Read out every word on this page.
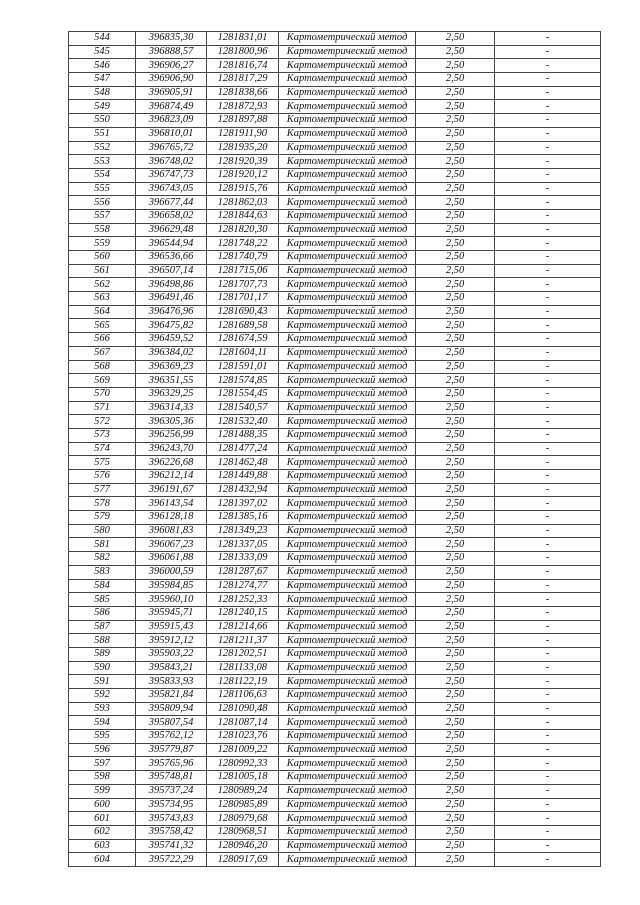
544	396835,30	1281831,01	Картометрический метод	2,50	-
545	396888,57	1281800,96	Картометрический метод	2,50	-
546	396906,27	1281816,74	Картометрический метод	2,50	-
547	396906,90	1281817,29	Картометрический метод	2,50	-
548	396905,91	1281838,66	Картометрический метод	2,50	-
549	396874,49	1281872,93	Картометрический метод	2,50	-
550	396823,09	1281897,88	Картометрический метод	2,50	-
551	396810,01	1281911,90	Картометрический метод	2,50	-
552	396765,72	1281935,20	Картометрический метод	2,50	-
553	396748,02	1281920,39	Картометрический метод	2,50	-
554	396747,73	1281920,12	Картометрический метод	2,50	-
555	396743,05	1281915,76	Картометрический метод	2,50	-
556	396677,44	1281862,03	Картометрический метод	2,50	-
557	396658,02	1281844,63	Картометрический метод	2,50	-
558	396629,48	1281820,30	Картометрический метод	2,50	-
559	396544,94	1281748,22	Картометрический метод	2,50	-
560	396536,66	1281740,79	Картометрический метод	2,50	-
561	396507,14	1281715,06	Картометрический метод	2,50	-
562	396498,86	1281707,73	Картометрический метод	2,50	-
563	396491,46	1281701,17	Картометрический метод	2,50	-
564	396476,96	1281690,43	Картометрический метод	2,50	-
565	396475,82	1281689,58	Картометрический метод	2,50	-
566	396459,52	1281674,59	Картометрический метод	2,50	-
567	396384,02	1281604,11	Картометрический метод	2,50	-
568	396369,23	1281591,01	Картометрический метод	2,50	-
569	396351,55	1281574,85	Картометрический метод	2,50	-
570	396329,25	1281554,45	Картометрический метод	2,50	-
571	396314,33	1281540,57	Картометрический метод	2,50	-
572	396305,36	1281532,40	Картометрический метод	2,50	-
573	396256,99	1281488,35	Картометрический метод	2,50	-
574	396243,70	1281477,24	Картометрический метод	2,50	-
575	396226,68	1281462,48	Картометрический метод	2,50	-
576	396212,14	1281449,88	Картометрический метод	2,50	-
577	396191,67	1281432,94	Картометрический метод	2,50	-
578	396143,54	1281397,02	Картометрический метод	2,50	-
579	396128,18	1281385,16	Картометрический метод	2,50	-
580	396081,83	1281349,23	Картометрический метод	2,50	-
581	396067,23	1281337,05	Картометрический метод	2,50	-
582	396061,88	1281333,09	Картометрический метод	2,50	-
583	396000,59	1281287,67	Картометрический метод	2,50	-
584	395984,85	1281274,77	Картометрический метод	2,50	-
585	395960,10	1281252,33	Картометрический метод	2,50	-
586	395945,71	1281240,15	Картометрический метод	2,50	-
587	395915,43	1281214,66	Картометрический метод	2,50	-
588	395912,12	1281211,37	Картометрический метод	2,50	-
589	395903,22	1281202,51	Картометрический метод	2,50	-
590	395843,21	1281133,08	Картометрический метод	2,50	-
591	395833,93	1281122,19	Картометрический метод	2,50	-
592	395821,84	1281106,63	Картометрический метод	2,50	-
593	395809,94	1281090,48	Картометрический метод	2,50	-
594	395807,54	1281087,14	Картометрический метод	2,50	-
595	395762,12	1281023,76	Картометрический метод	2,50	-
596	395779,87	1281009,22	Картометрический метод	2,50	-
597	395765,96	1280992,33	Картометрический метод	2,50	-
598	395748,81	1281005,18	Картометрический метод	2,50	-
599	395737,24	1280989,24	Картометрический метод	2,50	-
600	395734,95	1280985,89	Картометрический метод	2,50	-
601	395743,83	1280979,68	Картометрический метод	2,50	-
602	395758,42	1280968,51	Картометрический метод	2,50	-
603	395741,32	1280946,20	Картометрический метод	2,50	-
604	395722,29	1280917,69	Картометрический метод	2,50	-
